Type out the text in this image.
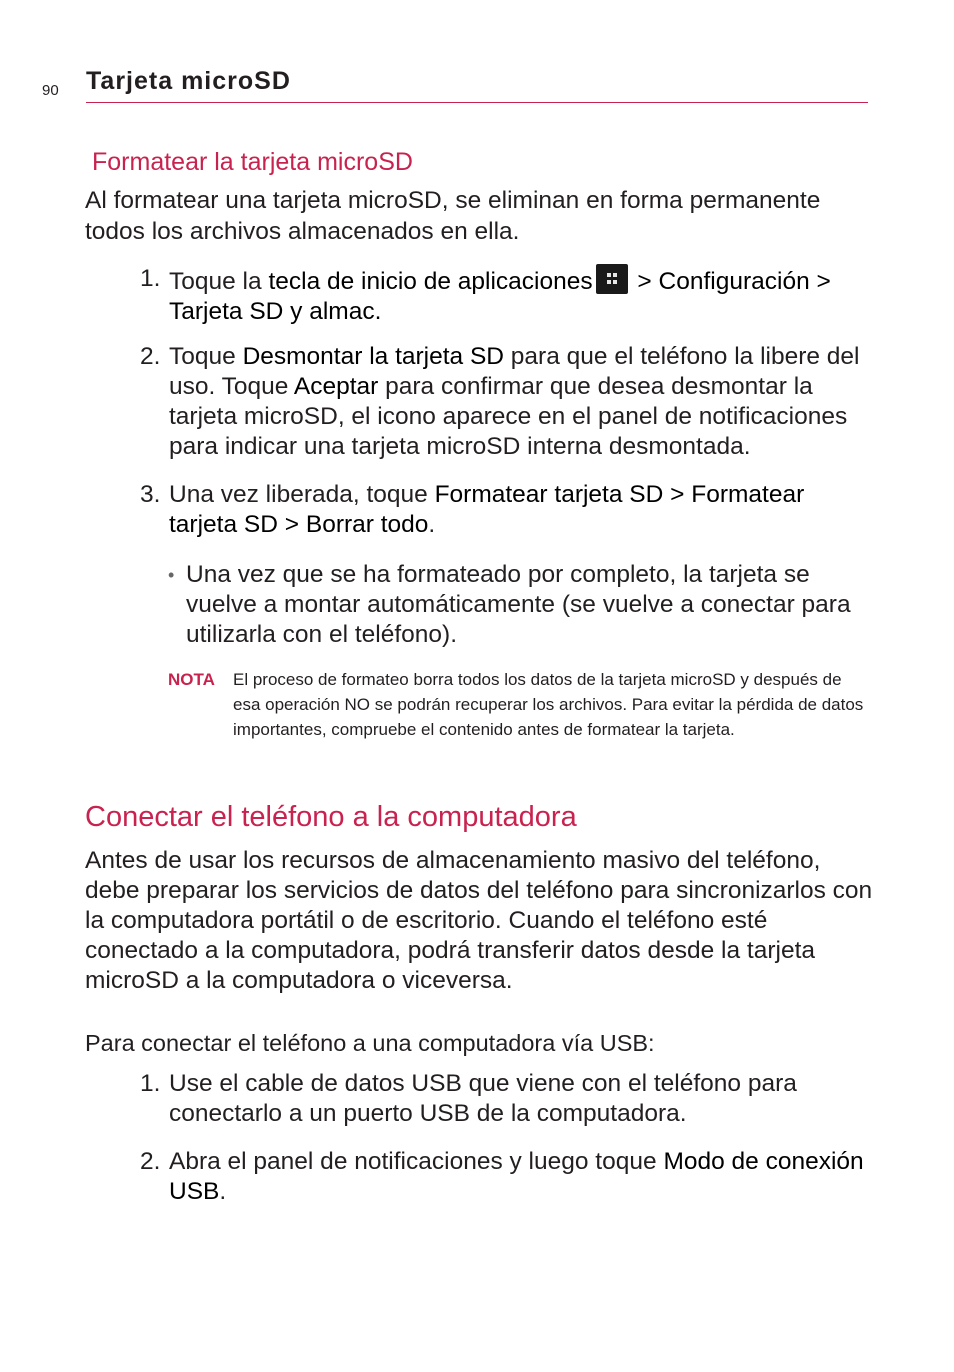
90 Tarjeta microSD
Formatear la tarjeta microSD
Al formatear una tarjeta microSD, se eliminan en forma permanente todos los archivos almacenados en ella.
1. Toque la tecla de inicio de aplicaciones
> Configuración > Tarjeta SD y almac.
2. Toque Desmontar la tarjeta SD para que el teléfono la libere del uso. Toque Aceptar para confirmar que desea desmontar la tarjeta microSD, el icono aparece en el panel de notificaciones para indicar una tarjeta microSD interna desmontada.
3. Una vez liberada, toque Formatear tarjeta SD > Formatear tarjeta SD > Borrar todo.
• Una vez que se ha formateado por completo, la tarjeta se vuelve a montar automáticamente (se vuelve a conectar para utilizarla con el teléfono).
NOTA	El proceso de formateo borra todos los datos de la tarjeta microSD y después de esa operación NO se podrán recuperar los archivos. Para evitar la pérdida de datos importantes, compruebe el contenido antes de formatear la tarjeta.
Conectar el teléfono a la computadora
Antes de usar los recursos de almacenamiento masivo del teléfono, debe preparar los servicios de datos del teléfono para sincronizarlos con la computadora portátil o de escritorio. Cuando el teléfono esté conectado a la computadora, podrá transferir datos desde la tarjeta microSD a la computadora o viceversa.
Para conectar el teléfono a una computadora vía USB:
1. Use el cable de datos USB que viene con el teléfono para conectarlo a un puerto USB de la computadora.
2. Abra el panel de notificaciones y luego toque Modo de conexión USB.
